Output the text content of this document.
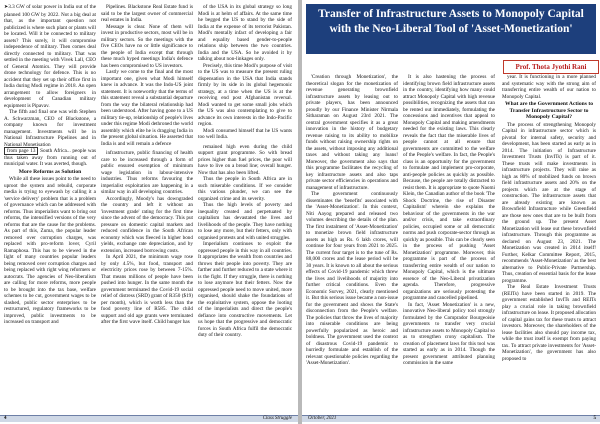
➤ 3.3 GW of solar power in India out of the planned 100 GW by 2022. Not a big deal at that, as the important question not publicized is where such plant or plants will be located. Will it be connected to military assets? This surely, it will compromise independence of military. Then comes deal directly connected to military. That was settled in the meeting with Vivek Lall, CEO of General Atomics. They will provide drone technology for defence. This is no accident that they set up their office first in India during Modi regime in 2018. An open arrangement to allow foreigners in development of Canadian military equipment is Pipavav.

The fifth and final one was with Stephen A. Schwarzman, CEO of Blackstone, a company known for investment management. Investments will be in National Infrastructure Pipelines and in National Monetisation

from page 13 South Africa... people was thus taken away from running out of municipal water. It was averted, though.

More Reforms as Solution

While all these issues point to the need to uproot the system and rebuild, corporate media is trying to eyewash by calling it a 'service delivery' problem that is a problem of governance which can be addressed with reforms. Thus imperialists want to bring out reforms, the intensified versions of the very reforms that are the cause for the problems. As part of this, Zuma, the popular leader removed over corruption charges, was replaced with pro-reform lover, Cyril Ramaphosa. This has to be viewed in the light of many countries popular leaders being removed over corruption charges and being replaced with right wing reformers or autocrats. The agencies of Neo-liberalism are calling for more reforms, more people to be brought into the tax base, welfare schemes to be cut, government wages to be slashed, public sector enterprises to be restructured, regulatory frameworks to be improved, public investments to be increased on transport and

Pipelines. Blackstone Real Estate fund is said to be the largest owner of commercial real estates in India.

Message is clear. None of them will invest in productive sectors, most will be in military sectors. So the meetings with the five CEOs have no or little significance to the people of India except that through these much hyped meetings India's defence has been compromised to US investors.

Lastly we come to the final and the most important one, given what Modi himself knew in advance. It was the Indo-US joint statement. It is noteworthy that the terms of this statement reveal a substantial departure from the way the bilateral relationship had been understood. After having gone to a US military tie-up, relationship of people's lives under this regime Modi dethroned the world assembly which elite he is dragging India in the present global situation. He asserted that India is and will remain a defence

infrastructure, public financing of health care to be increased through a form of public ensured exemption of minimum wage legislation in labour-intensive industries. Thus reforms favouring the imperialist exploitation are happening in a similar way in all developing countries.

Accordingly, Moody's has downgraded the country and left it without an 'investment grade' rating for the first time since the advent of the democracy. This put pressure on domestic capital markets and reduced confidence in the South African economy which was fleeced in higher bond yields, exchange rate depreciation, and by extension, increased borrowing costs.

In April 2021, the minimum wage rose by only 4.5%, but food, transport and electricity prices rose by between 7-15%. That means millions of people have been pushed into hunger. In the same month the government terminated the Covid-19 social relief of distress (SRD) grant of R350 ($19) per month), which is worth less than the food poverty line of R585. The child support and old age grants were terminated after the first wave itself. Child hunger has

of the USA in its global strategy so long Modi is at helm of affairs. At the same time he begged the US to stand by the side of India at the expense of its terrorist Pakistan. Modi's mentally infact of developing a fair and equality based gender-to-people relations ship between the two countries. India and the USA. So he avoided it by talking about non-linkages only.

Precisely, this time Modi's purpose of visit to the US was to measure the present ruling dispensation in the USA that India stands firmly by its side in its global hegemonic strategy, at a time when the US is at the receiving end post Afghanistan reversal. Modi wanted to get some small jobs which the US was also contemplating to give to advance its own interests in the Indo-Pacific region.

Modi consumed himself that he US wants too well India.

remained high even during the child support grant programme. So with bread prices higher than fuel prices, the poor will have to live on a bread line; overall hunger. Now that has also been lifted.

Thus the people in South Africa are in such miserable conditions. If we consider this various plunder, we can see the organized crime and its severity.

Thus the high levels of poverty and inequality created and perpetuated by capitalism has devastated the lives and livelihoods of the people. They have nothing to lose any more, but their fetters, only with organised protests and with united struggles.

Imperialism continues to exploit the oppressed people in this way in all countries. It appropriates the wealth from countries and throws their people into poverty. They are farther and further reduced to a state where it is the fight. If they struggle, there is nothing to lose anymore but their fetters. Now the oppressed people need to move united, more organised, should shake the foundations of the exploitative system, oppose the looting of the imperialists and direct the people's defiance into constructive movements. Let us hope that the progressive and democratic forces in South Africa fulfil the democratic duty of their country.

4	Class Struggle

'Creation through Monetization', the theoretical slogan for the monetization of revenue generating brownfield infrastructure assets by leasing out to private players, has been announced proudly by our Finance Minister Nirmala Sitharaman on August 23rd 2021. The central government specifies it as a great innovation in the history of budgetary revenue raising to its ability to mobilize funds without raising ownership rights on the assets, without imposing any additional taxes and without taking any loans! Moreover, the government also says that this programme facilitates the recycling of key infrastructure assets and also taps private sector efficiencies in operations and management of infrastructure.

The government continuously disseminates the 'benefits' associated with the 'Asset-Monetization'. In this context, Niti Aayog prepared and released two volumes describing the details of the plan. The first instalment of 'Asset-Monetization' to monetize brown field infrastructure assets as high as Rs. 6 lakh crores, will continue for four years from 2021 to 2025. The current four target is to the tune of Rs. 88,000 crores and the lease period will be 30 years. It is known to all about the serious effects of Covid-19 pandemic which threw the lives and livelihoods of majority into further critical conditions. Even the Economic Survey, 2021, clearly mentioned it. But this serious issue became a non-issue for the government and shows the State's disconnection from the People's welfare. The policies that throw the lives of majority into miserable conditions are being powerfully popularized as heroic and boldness. The government used the context of disastrous Covid-19 pandemic to hurriedly formulate and establish of the relevant questionable policies regarding the 'Asset-Monetization'.

It is also hastening the process of identifying brown field infrastructure assets in the country, identifying how many could attract Monopoly Capital with high revenue possibilities, recognizing the assets that can be rented out immediately, formulating the concessions and incentives that appeal to Monopoly Capital and making amendments needed for the existing laws. This clearly reveals the fact that the miserable lives of people cannot at all ensure that governments are committed to the welfare of the People's welfare. In fact, the People's class is an opportunity for the government to formulate and implement pro-corporate, anti-people policies as quickly as possible. Because, the people are totally distracted to resist them. It is appropriate to quote Naomi Klein, the Canadian author of the book 'The Shock Doctrine, the rise of Disaster Capitalism' wherein she explains the behaviour of the governments in the war and/or crisis, and take extraordinary policies, occupied some or all democratic norms and push corporate-sector through as quickly as possible. This can be clearly seen in the process of pushing 'Asset Monetization' programme. Moreover, this programme is part of the process of transferring entire wealth of our nation to Monopoly Capital, which is the ultimate essence of the Neo-Liberal privatization agenda. Therefore, progressive organizations are seriously protesting the programme and cancelled pipelined.

In fact, 'Asset Monetization' is a new, innovative Neo-liberal policy tool strongly formulated by the Comprador Bourgeoisie governments to transfer very crucial infrastructure assets to Monopoly Capital so as to strengthen crony capitalism. The creation of placement laws for this tool was started as early as in 2014. Though the present government attributed planning commission in the same

year. It is functioning in a more planned and systematic way with the strong aim of transferring entire wealth of our nation to Monopoly Capital.

What are the Government Actions to Transfer Infrastructure Sector to Monopoly Capital?

The process of strengthening Monopoly Capital in infrastructure sector which is pivotal for internal safety, security and development, has been started as early as in 2014. The initiation of Infrastructure Investment Trusts (InvITs) is part of it. These trusts will make investments in infrastructure projects. They will raise as high as 80% of mobilized funds on brown field infrastructure assets and 20% on the projects which are at the stage of construction. The infrastructure assets that are already existing are known as Brownfield Infrastructure while Greenfield are those new ones that are to be built from the ground up. The present Asset Monetization will lease out these brownfield infrastructure. Through this programme as declared on August 23, 2021. The Monetization was created in 2014 itself! Further, Kelkar Committee Report, 2015, recommends 'Asset-Monetization' as the best alternative to Public-Private Partnership. Thus, creation of essential basis for the lease programme.

The Real Estate Investment Trusts (REITs) have been started in 2019. The government established InvITs and REITs play a crucial role in taking brownfield infrastructure on lease. It proposed allocation of capital gains tax for these trusts to attract investors. Moreover, the shareholders of the lease facilities also should pay income tax, while the trust itself is exempt from paying tax. To attract private investments for 'Asset-Monetization', the government has also proposed to

October, 2021	5
Transfer of Infrastructure Assets to Monopoly Capital
with the Neo-Liberal Tool of 'Asset-Monetization'
Prof. Thota Jyothi Rani
